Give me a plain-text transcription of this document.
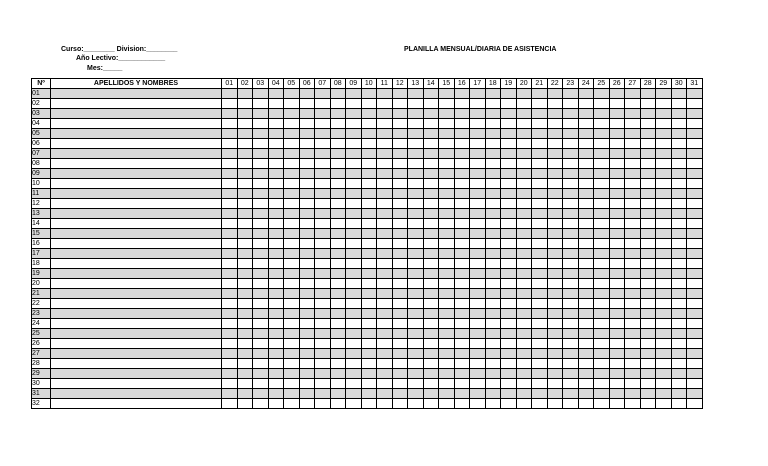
Curso:________ Division:________
Año Lectivo:____________
Mes:_____
PLANILLA MENSUAL/DIARIA DE ASISTENCIA
Nº	APELLIDOS Y NOMBRES	01	02	03	04	05	06	07	08	09	10	11	12	13	14	15	16	17	18	19	20	21	22	23	24	25	26	27	28	29	30	31
01																																
02																																
03																																
04																																
05																																
06																																
07																																
08																																
09																																
10																																
11																																
12																																
13																																
14																																
15																																
16																																
17																																
18																																
19																																
20																																
21																																
22																																
23																																
24																																
25																																
26																																
27																																
28																																
29																																
30																																
31																																
32																																
